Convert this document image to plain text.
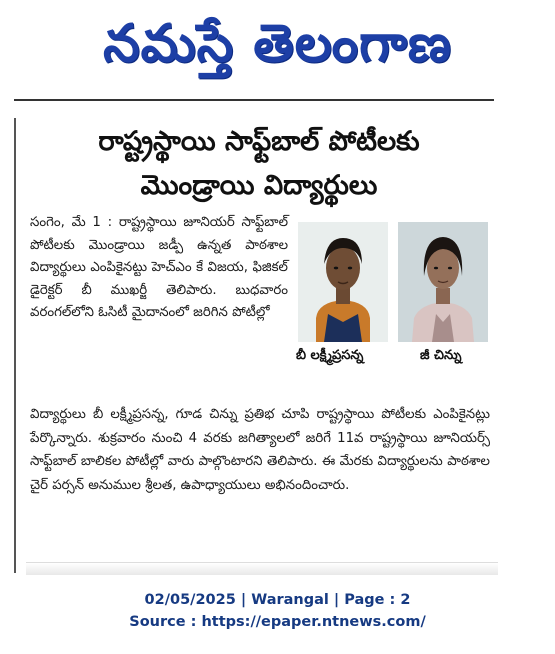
నమస్తే తెలంగాణ
రాష్ట్రస్థాయి సాఫ్ట్‌బాల్ పోటీలకు
మొండ్రాయి విద్యార్థులు
సంగెం, మే 1 : రాష్ట్రస్థాయి జూనియర్ సాఫ్ట్‌బాల్ పోటీలకు మొండ్రాయి జడ్పీ ఉన్నత పాఠశాల విద్యార్థులు ఎంపికైనట్టు హెచ్‌ఎం కే విజయ, ఫిజికల్ డైరెక్టర్ బీ ముఖర్జీ తెలిపారు. బుధవారం వరంగల్‌లోని ఓసిటీ మైదానంలో జరిగిన పోటీల్లో
బీ లక్ష్మీప్రసన్న	జీ చిన్ను
విద్యార్థులు బీ లక్ష్మీప్రసన్న, గూడ చిన్ను ప్రతిభ చూపి రాష్ట్రస్థాయి పోటీలకు ఎంపికైనట్లు పేర్కొన్నారు. శుక్రవారం నుంచి 4 వరకు జగిత్యాలలో జరిగే 11వ రాష్ట్రస్థాయి జూనియర్స్ సాఫ్ట్‌బాల్ బాలికల పోటీల్లో వారు పాల్గొంటారని తెలిపారు. ఈ మేరకు విద్యార్థులను పాఠశాల చైర్ పర్సన్ అనుముల శ్రీలత, ఉపాధ్యాయులు అభినందించారు.
02/05/2025 | Warangal | Page : 2
Source : https://epaper.ntnews.com/
